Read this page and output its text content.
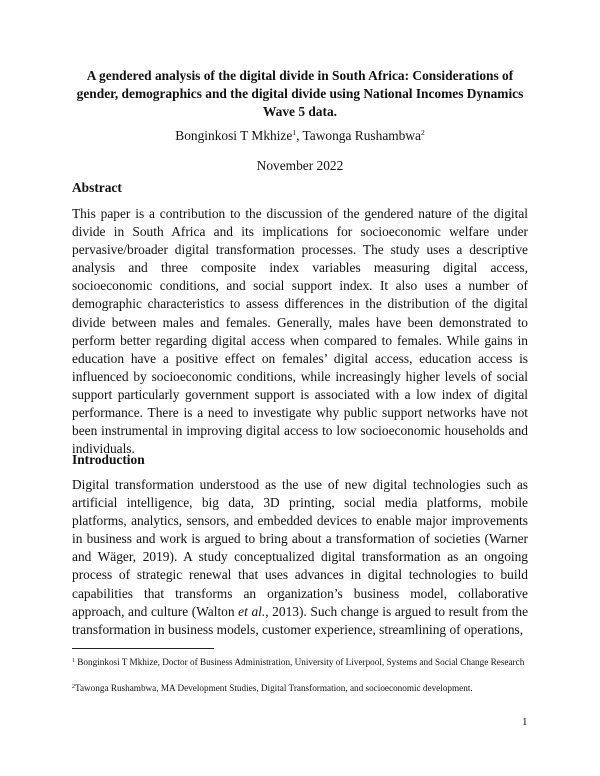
A gendered analysis of the digital divide in South Africa: Considerations of gender, demographics and the digital divide using National Incomes Dynamics Wave 5 data.
Bonginkosi T Mkhize$^1$, Tawonga Rushambwa$^2$
November 2022
Abstract

This paper is a contribution to the discussion of the gendered nature of the digital divide in South Africa and its implications for socioeconomic welfare under pervasive/broader digital transformation processes. The study uses a descriptive analysis and three composite index variables measuring digital access, socioeconomic conditions, and social support index. It also uses a number of demographic characteristics to assess differences in the distribution of the digital divide between males and females. Generally, males have been demonstrated to perform better regarding digital access when compared to females. While gains in education have a positive effect on females’ digital access, education access is influenced by socioeconomic conditions, while increasingly higher levels of social support particularly government support is associated with a low index of digital performance. There is a need to investigate why public support networks have not been instrumental in improving digital access to low socioeconomic households and individuals.

Introduction

Digital transformation understood as the use of new digital technologies such as artificial intelligence, big data, 3D printing, social media platforms, mobile platforms, analytics, sensors, and embedded devices to enable major improvements in business and work is argued to bring about a transformation of societies (Warner and Wäger, 2019). A study conceptualized digital transformation as an ongoing process of strategic renewal that uses advances in digital technologies to build capabilities that transforms an organization’s business model, collaborative approach, and culture (Walton et al., 2013). Such change is argued to result from the transformation in business models, customer experience, streamlining of operations,

$^1$ Bonginkosi T Mkhize, Doctor of Business Administration, University of Liverpool, Systems and Social Change Research

$^2$Tawonga Rushambwa, MA Development Studies, Digital Transformation, and socioeconomic development.

1
